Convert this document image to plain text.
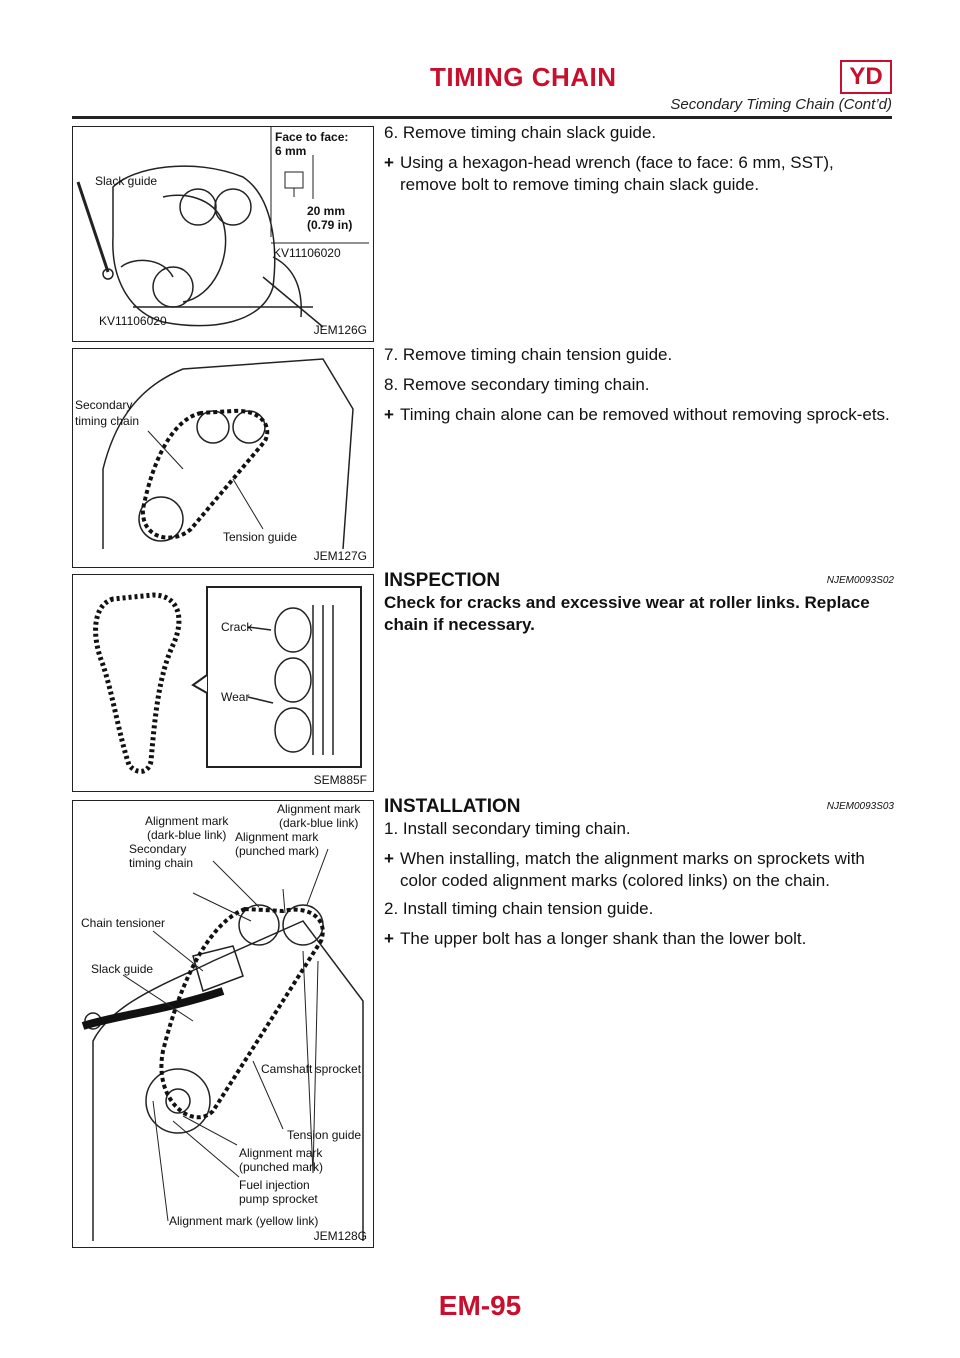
TIMING CHAIN	YD
Secondary Timing Chain (Cont’d)
Face to face:
6 mm
20 mm
(0.79 in)
KV11106020
Slack guide
KV11106020
JEM126G
Secondary
timing chain
Tension guide
JEM127G
Crack
Wear
SEM885F
Alignment mark
(dark-blue link)
Alignment mark
(dark-blue link)
Alignment mark
(punched mark)
Secondary
timing chain
Chain tensioner
Slack guide
Camshaft sprocket
Tension guide
Alignment mark
(punched mark)
Fuel injection
pump sprocket
Alignment mark (yellow link)
JEM128G

6. Remove timing chain slack guide.

+ Using a hexagon-head wrench (face to face: 6 mm, SST), remove bolt to remove timing chain slack guide.

7. Remove timing chain tension guide.

8. Remove secondary timing chain.

+ Timing chain alone can be removed without removing sprock-ets.
INSPECTION	NJEM0093S02

Check for cracks and excessive wear at roller links. Replace chain if necessary.

INSTALLATION	NJEM0093S03

1. Install secondary timing chain.

+ When installing, match the alignment marks on sprockets with color coded alignment marks (colored links) on the chain.

2. Install timing chain tension guide.

+ The upper bolt has a longer shank than the lower bolt.
EM-95
